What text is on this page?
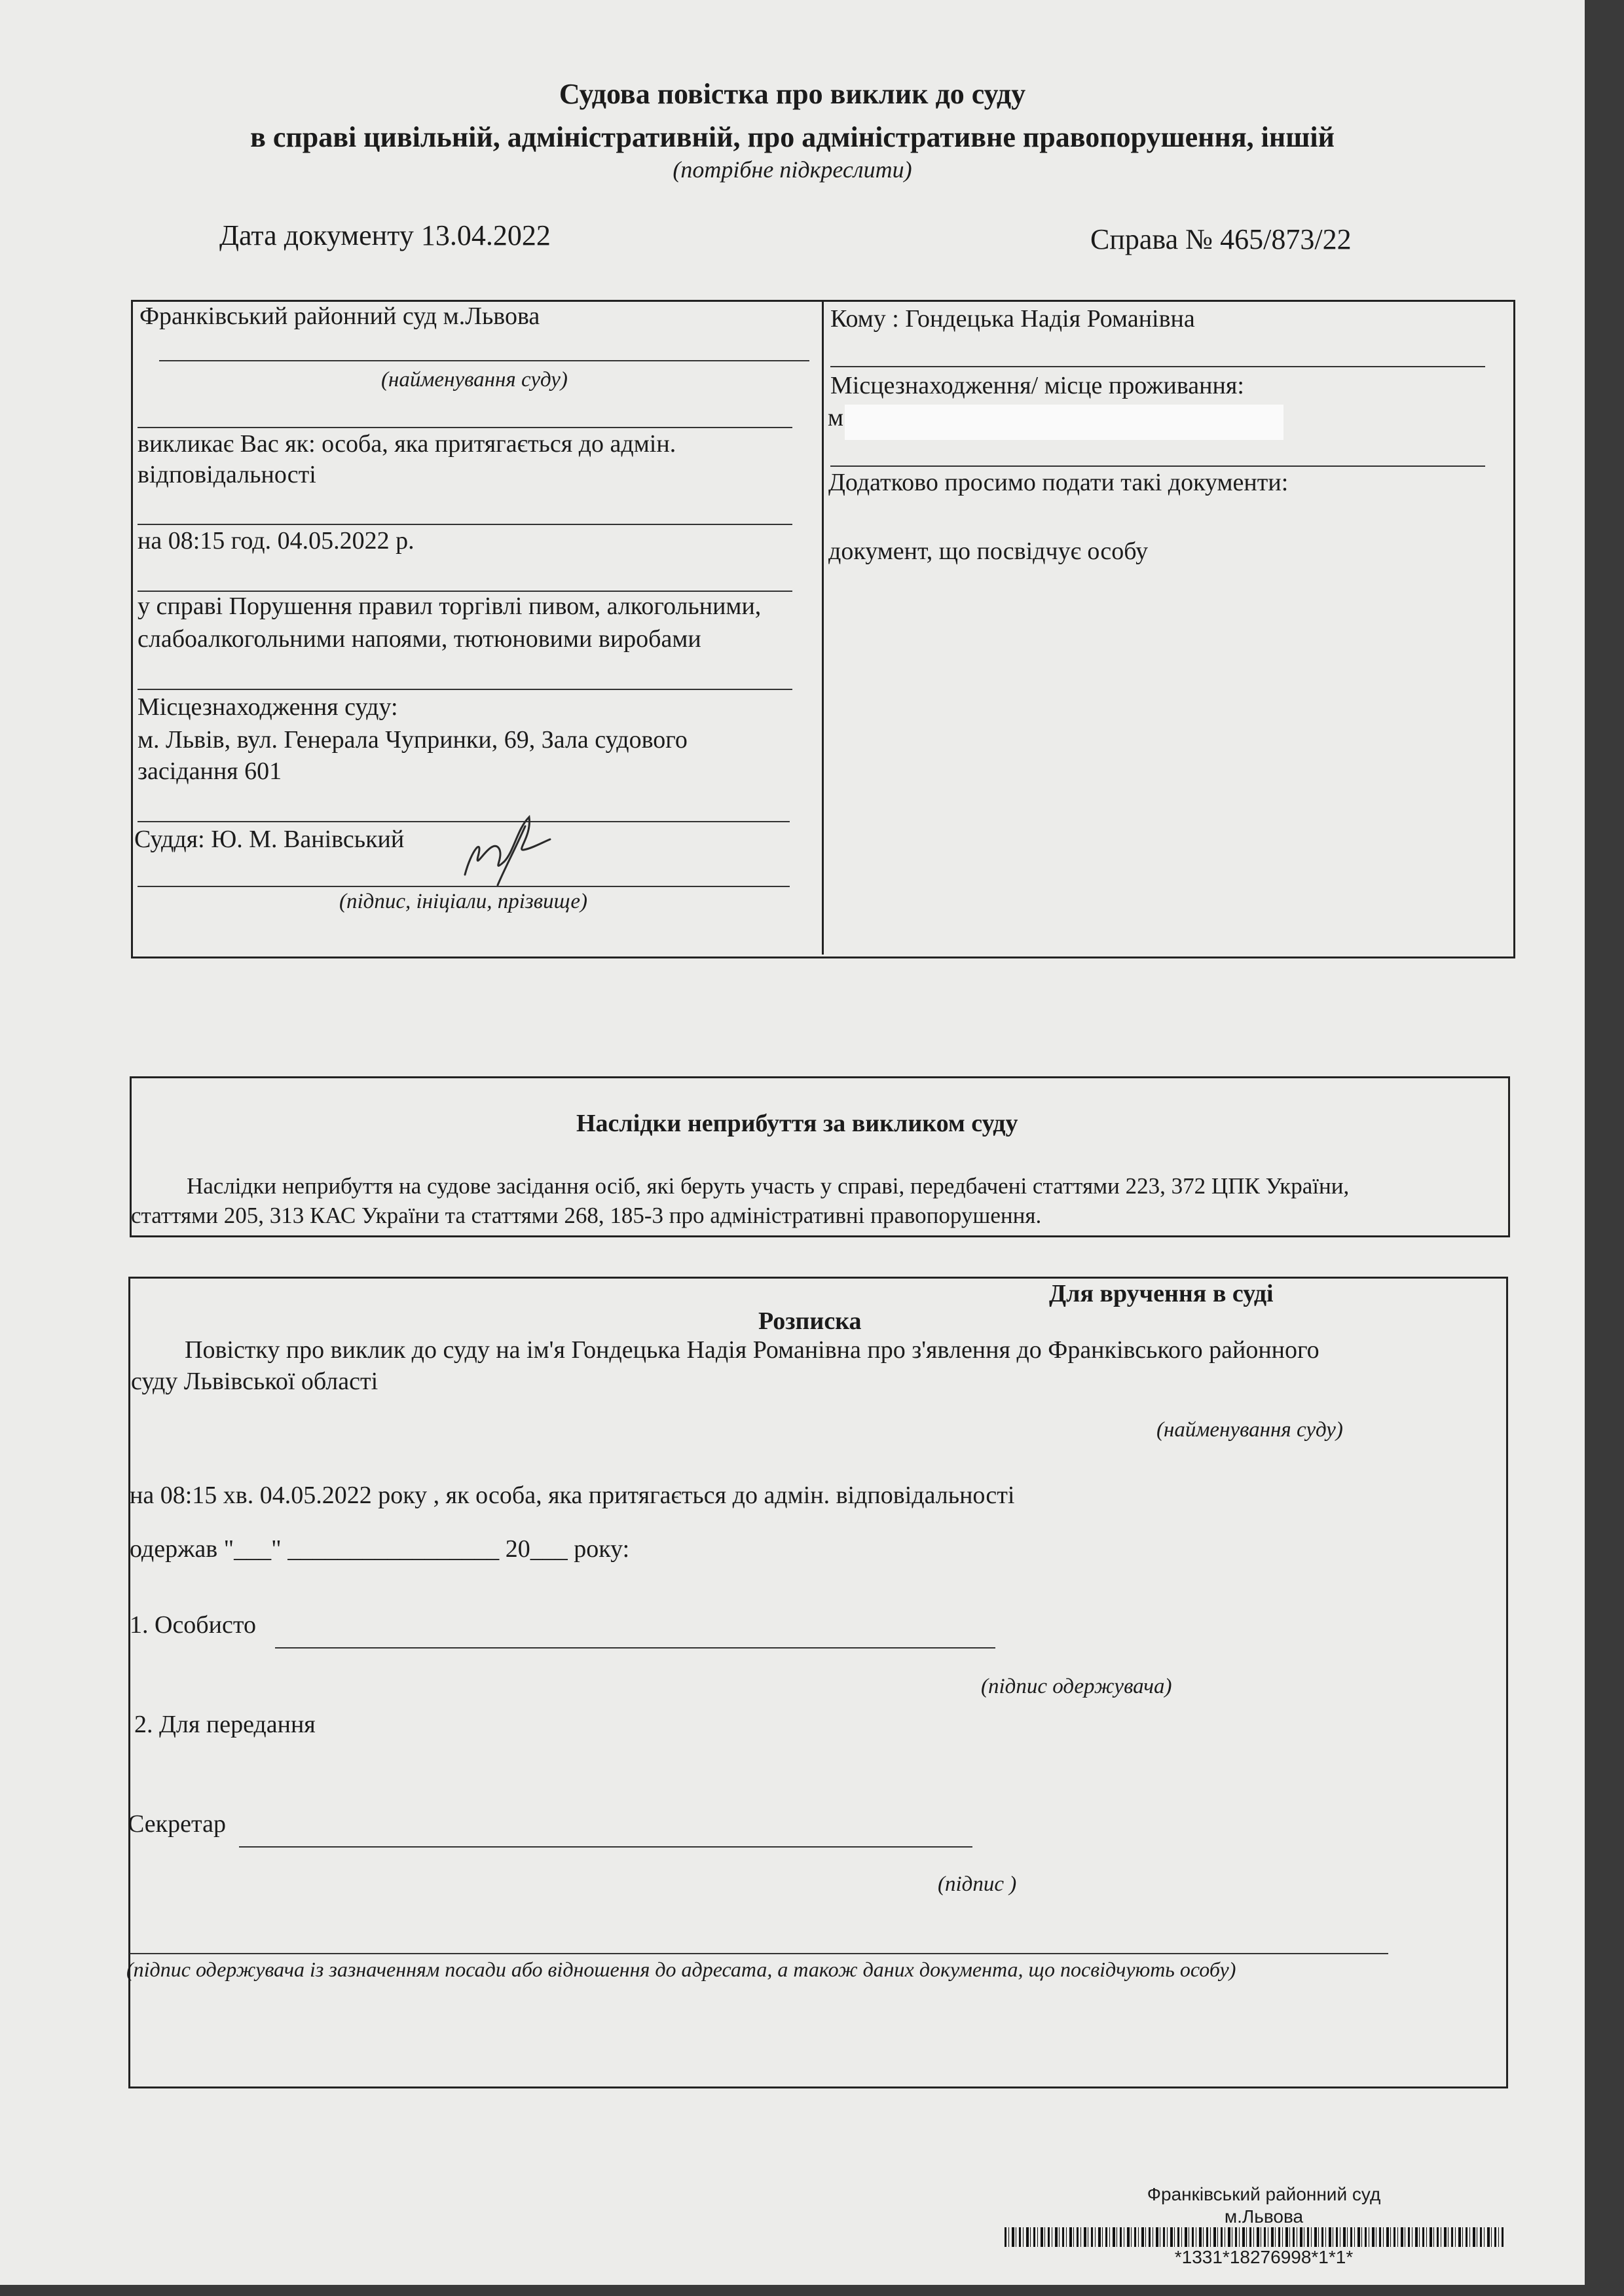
Судова повістка про виклик до суду
в справі цивільній, адміністративній, про адміністративне правопорушення, іншій
(потрібне підкреслити)
Дата документу 13.04.2022	Справа № 465/873/22
Франківський районний суд м.Львова
(найменування суду)
викликає Вас як: особа, яка притягається до адмін.
відповідальності
на 08:15 год. 04.05.2022 р.
у справі Порушення правил торгівлі пивом, алкогольними,
слабоалкогольними напоями, тютюновими виробами
Місцезнаходження суду:
м. Львів, вул. Генерала Чупринки, 69, Зала судового
засідання 601
Суддя: Ю. М. Ванівський
(підпис, ініціали, прізвище)
Кому : Гондецька Надія Романівна
Місцезнаходження/ місце проживання:
м
Додатково просимо подати такі документи:
документ, що посвідчує особу
Наслідки неприбуття за викликом суду
Наслідки неприбуття на судове засідання осіб, які беруть участь у справі, передбачені статтями 223, 372 ЦПК України,
статтями 205, 313 КАС України та статтями 268, 185-3 про адміністративні правопорушення.
Для вручення в суді
Розписка
Повістку про виклик до суду на ім'я Гондецька Надія Романівна про з'явлення до Франківського районного
суду Львівської області
(найменування суду)
на 08:15 хв. 04.05.2022 року , як особа, яка притягається до адмін. відповідальності
одержав "___" _________________ 20___ року:
1. Особисто
(підпис одержувача)
2. Для передання
Секретар
(підпис )
(підпис одержувача із зазначенням посади або відношення до адресата, а також даних документа, що посвідчують особу)
Франківський районний суд
м.Львова
*1331*18276998*1*1*
